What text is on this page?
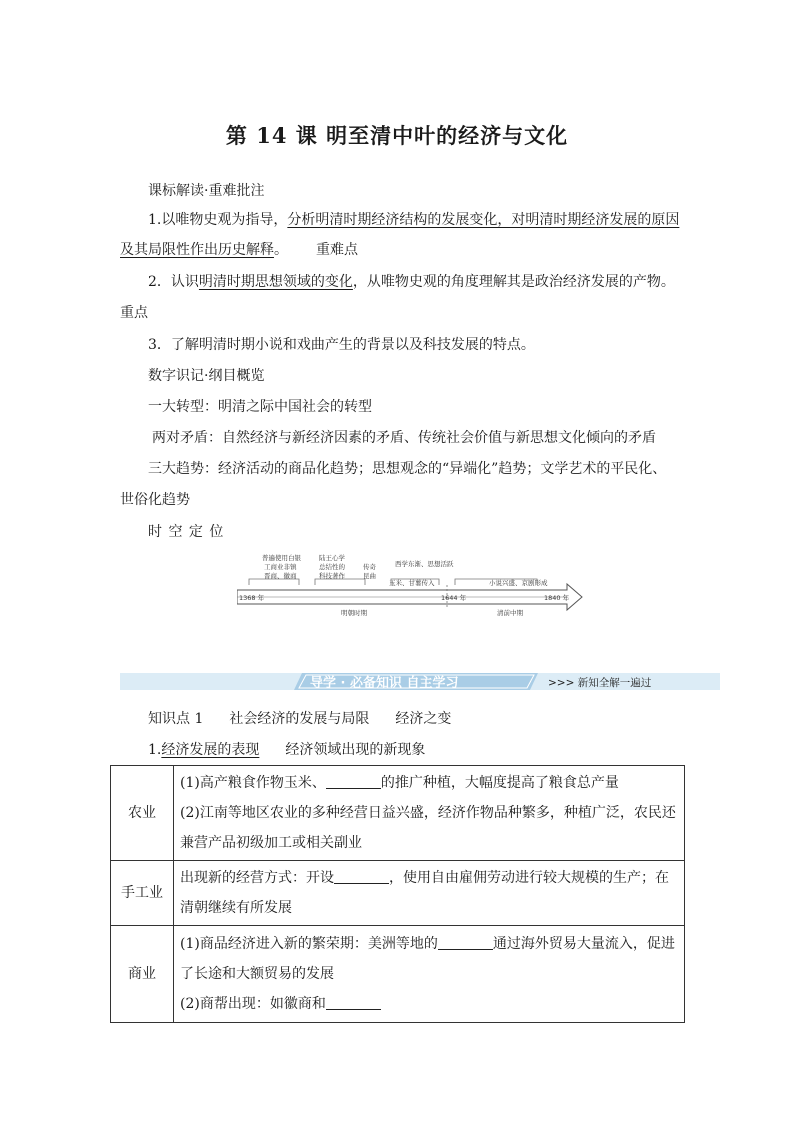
第 14 课 明至清中叶的经济与文化
课标解读·重难批注
1.以唯物史观为指导，分析明清时期经济结构的发展变化，对明清时期经济发展的原因
及其局限性作出历史解释。 重难点
2．认识明清时期思想领域的变化，从唯物史观的角度理解其是政治经济发展的产物。
重点
3．了解明清时期小说和戏曲产生的背景以及科技发展的特点。
数字识记·纲目概览
一大转型：明清之际中国社会的转型
两对矛盾：自然经济与新经济因素的矛盾、传统社会价值与新思想文化倾向的矛盾
三大趋势：经济活动的商品化趋势；思想观念的“异端化”趋势；文学艺术的平民化、
世俗化趋势
时 空 定 位
普遍使用白银
工商业非镇
晋商、徽商
陆王心学
总结性的
科技著作
传奇
昆曲
玉米、甘薯传入
西学东渐、思想活跃
小说兴盛、京剧形成
1368 年	1644 年	1840 年
明朝时期	清前中期
导学 · 必备知识 自主学习	>>> 新知全解一遍过
知识点 1 社会经济的发展与局限 经济之变
1.经济发展的表现 经济领域出现的新现象
农业	(1)高产粮食作物玉米、 的推广种植，大幅度提高了粮食总产量
(2)江南等地区农业的多种经营日益兴盛，经济作物品种繁多，种植广泛，农民还兼营产品初级加工或相关副业

手工业	出现新的经营方式：开设 ，使用自由雇佣劳动进行较大规模的生产；在清朝继续有所发展

商业	(1)商品经济进入新的繁荣期：美洲等地的 通过海外贸易大量流入，促进了长途和大额贸易的发展
(2)商帮出现：如徽商和
